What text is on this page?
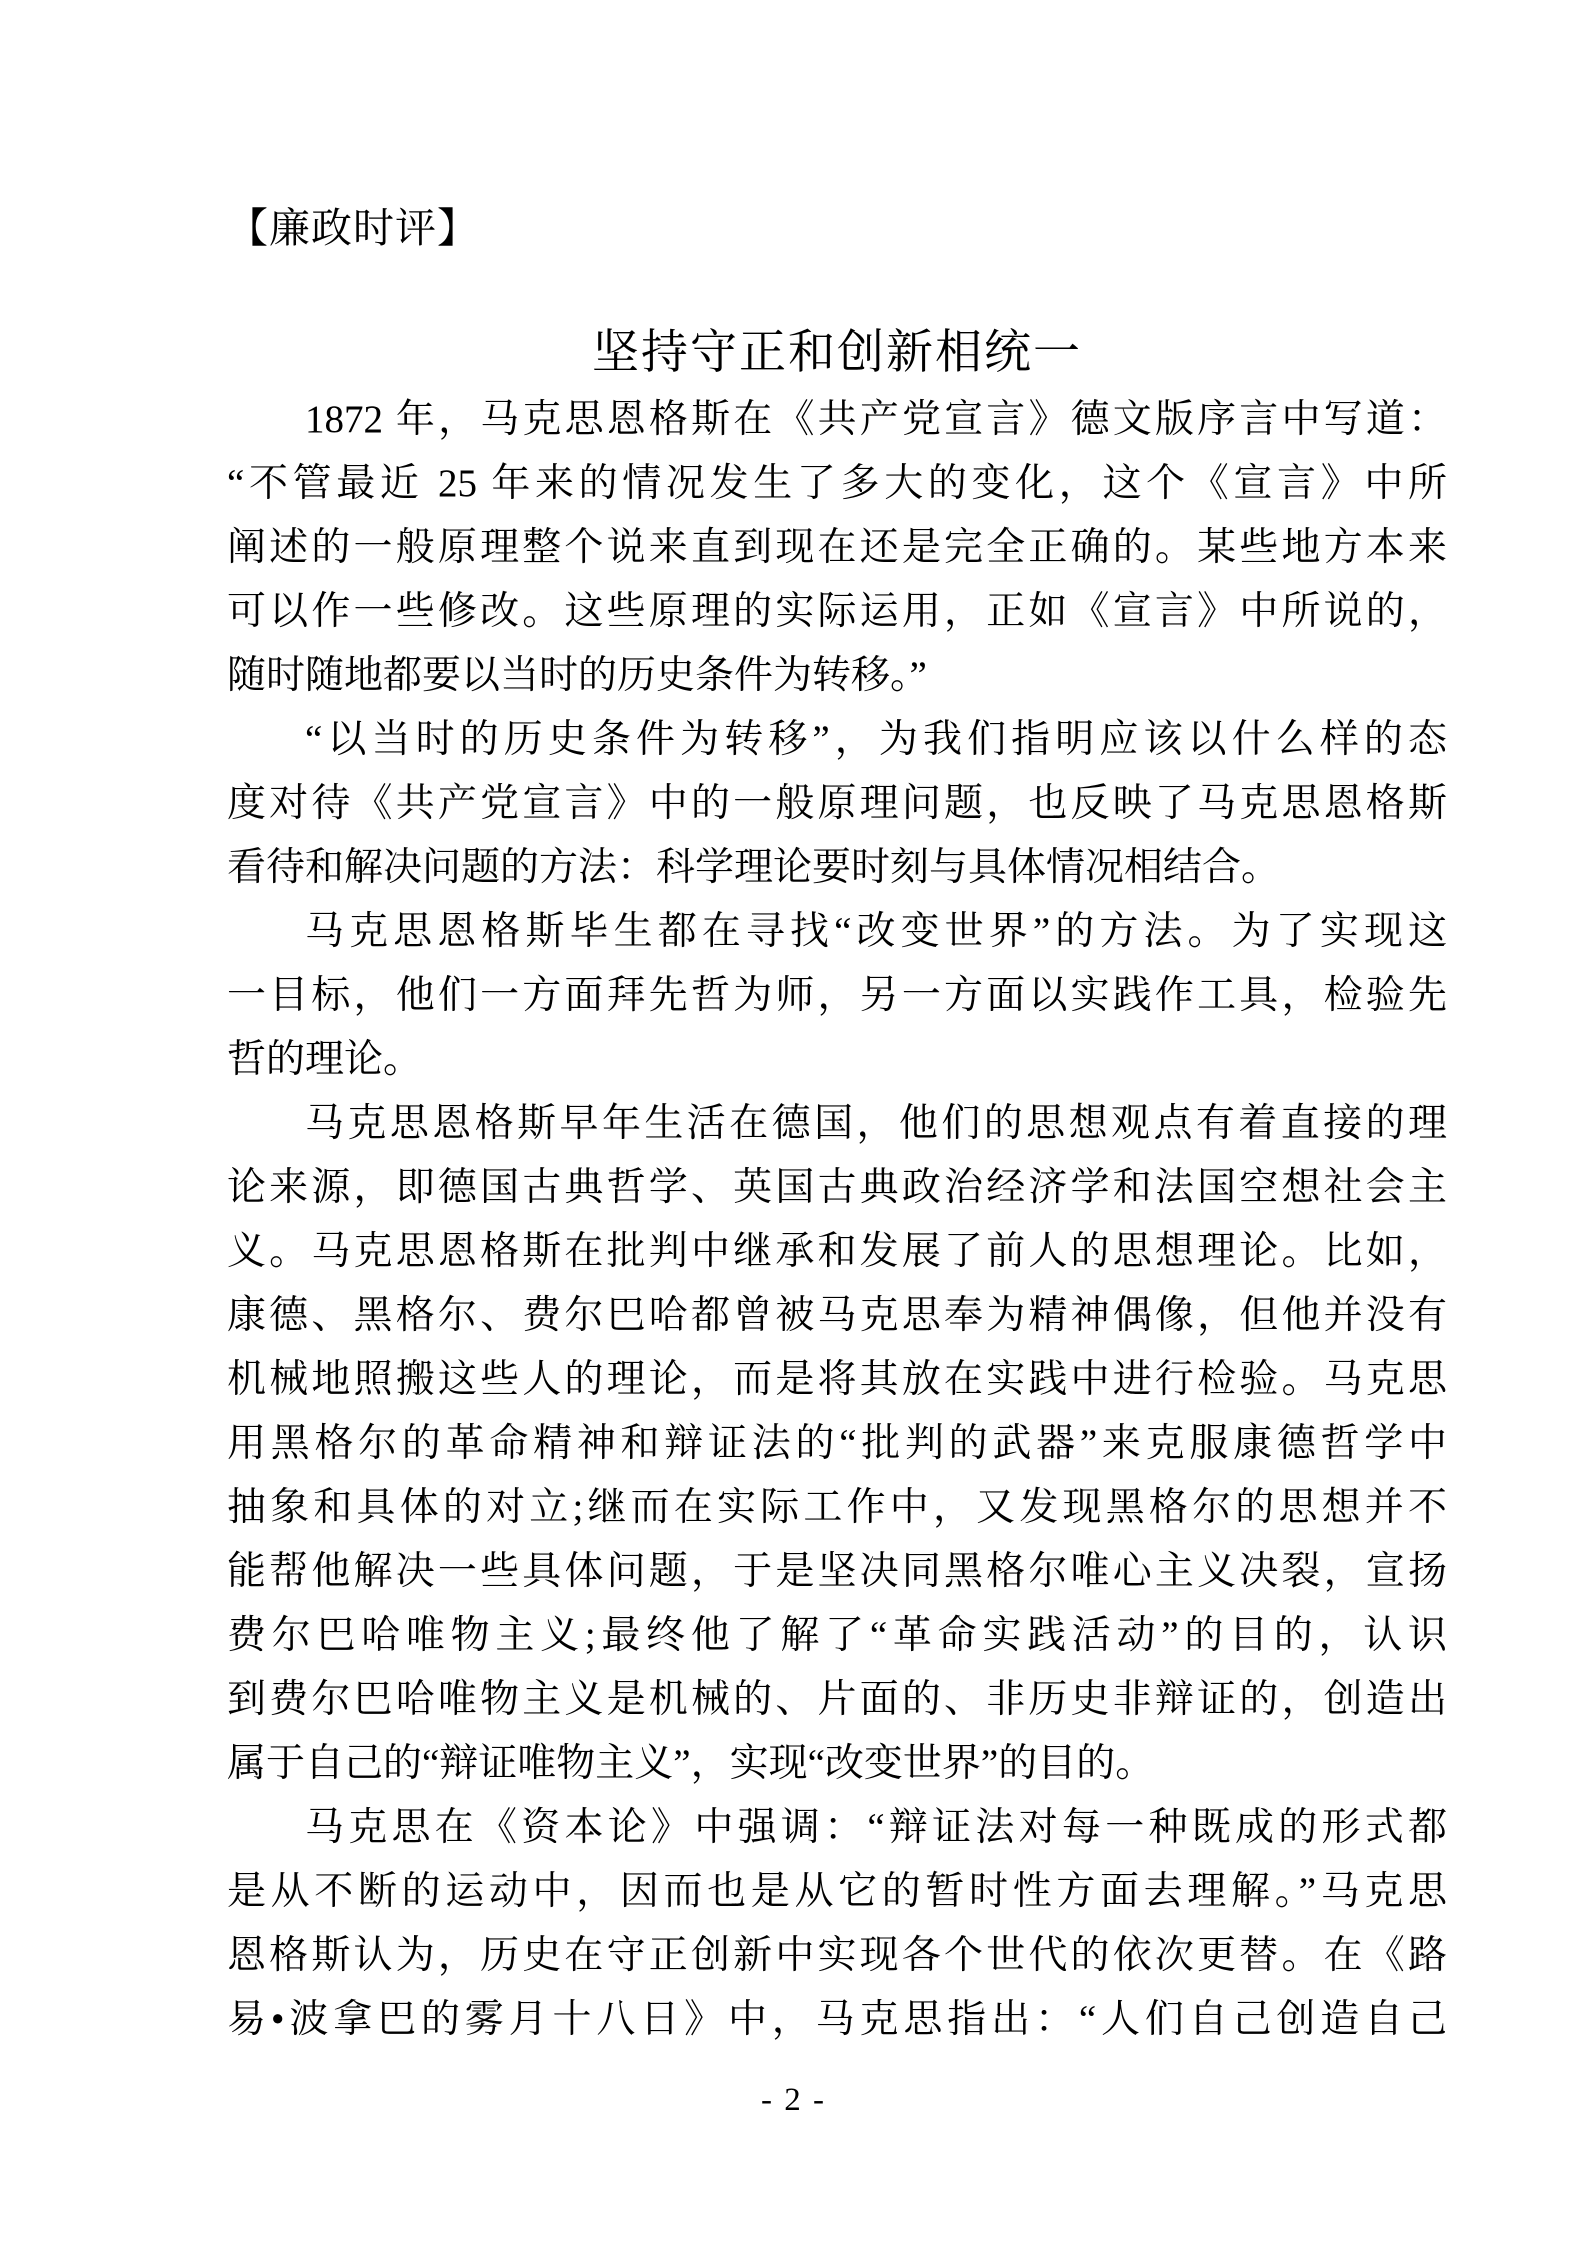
【廉政时评】
坚持守正和创新相统一
1872 年，马克思恩格斯在《共产党宣言》德文版序言中写道：
“不管最近 25 年来的情况发生了多大的变化，这个《宣言》中所
阐述的一般原理整个说来直到现在还是完全正确的。某些地方本来
可以作一些修改。这些原理的实际运用，正如《宣言》中所说的，
随时随地都要以当时的历史条件为转移。”
“以当时的历史条件为转移”，为我们指明应该以什么样的态
度对待《共产党宣言》中的一般原理问题，也反映了马克思恩格斯
看待和解决问题的方法：科学理论要时刻与具体情况相结合。
马克思恩格斯毕生都在寻找“改变世界”的方法。为了实现这
一目标，他们一方面拜先哲为师，另一方面以实践作工具，检验先
哲的理论。
马克思恩格斯早年生活在德国，他们的思想观点有着直接的理
论来源，即德国古典哲学、英国古典政治经济学和法国空想社会主
义。马克思恩格斯在批判中继承和发展了前人的思想理论。比如，
康德、黑格尔、费尔巴哈都曾被马克思奉为精神偶像，但他并没有
机械地照搬这些人的理论，而是将其放在实践中进行检验。马克思
用黑格尔的革命精神和辩证法的“批判的武器”来克服康德哲学中
抽象和具体的对立;继而在实际工作中，又发现黑格尔的思想并不
能帮他解决一些具体问题，于是坚决同黑格尔唯心主义决裂，宣扬
费尔巴哈唯物主义;最终他了解了“革命实践活动”的目的，认识
到费尔巴哈唯物主义是机械的、片面的、非历史非辩证的，创造出
属于自己的“辩证唯物主义”，实现“改变世界”的目的。
马克思在《资本论》中强调：“辩证法对每一种既成的形式都
是从不断的运动中，因而也是从它的暂时性方面去理解。”马克思
恩格斯认为，历史在守正创新中实现各个世代的依次更替。在《路
易•波拿巴的雾月十八日》中，马克思指出：“人们自己创造自己
- 2 -
